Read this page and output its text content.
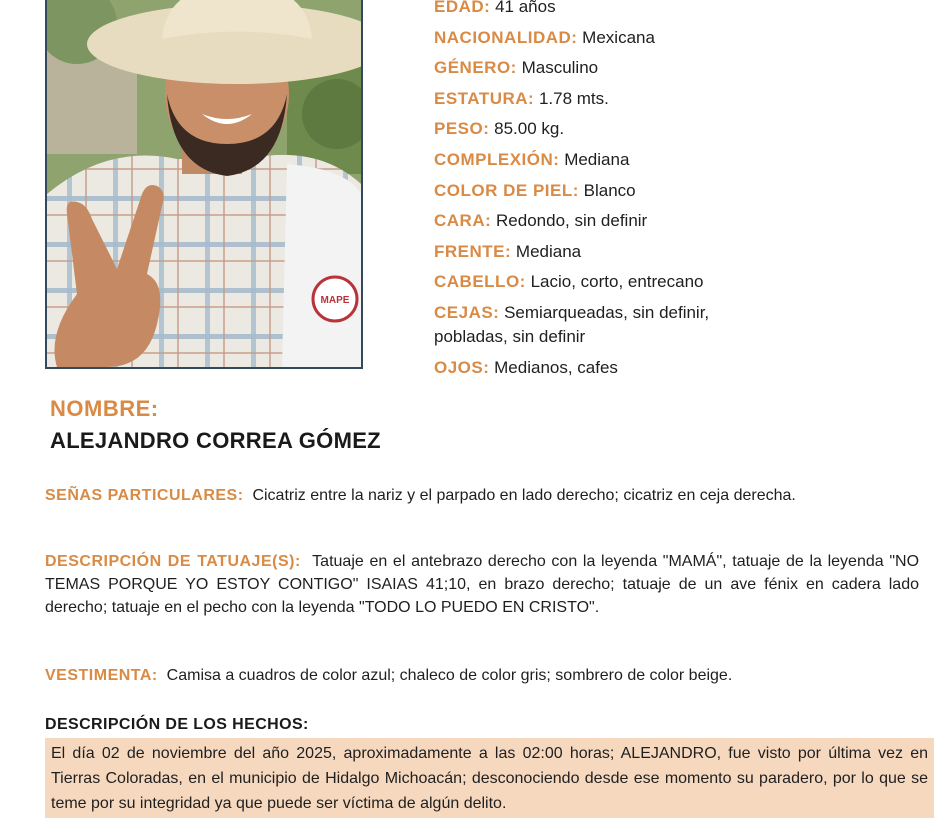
MAPE
EDAD: 41 años
NACIONALIDAD: Mexicana
GÉNERO: Masculino
ESTATURA: 1.78 mts.
PESO: 85.00 kg.
COMPLEXIÓN: Mediana
COLOR DE PIEL: Blanco
CARA: Redondo, sin definir
FRENTE: Mediana
CABELLO: Lacio, corto, entrecano
CEJAS: Semiarqueadas, sin definir, pobladas, sin definir
OJOS: Medianos, cafes
NOMBRE:
ALEJANDRO CORREA GÓMEZ
SEÑAS PARTICULARES: Cicatriz entre la nariz y el parpado en lado derecho; cicatriz en ceja derecha.
DESCRIPCIÓN DE TATUAJE(S): Tatuaje en el antebrazo derecho con la leyenda "MAMÁ", tatuaje de la leyenda "NO TEMAS PORQUE YO ESTOY CONTIGO" ISAIAS 41;10, en brazo derecho; tatuaje de un ave fénix en cadera lado derecho; tatuaje en el pecho con la leyenda "TODO LO PUEDO EN CRISTO".
VESTIMENTA: Camisa a cuadros de color azul; chaleco de color gris; sombrero de color beige.
DESCRIPCIÓN DE LOS HECHOS:
El día 02 de noviembre del año 2025, aproximadamente a las 02:00 horas; ALEJANDRO, fue visto por última vez en Tierras Coloradas, en el municipio de Hidalgo Michoacán; desconociendo desde ese momento su paradero, por lo que se teme por su integridad ya que puede ser víctima de algún delito.
